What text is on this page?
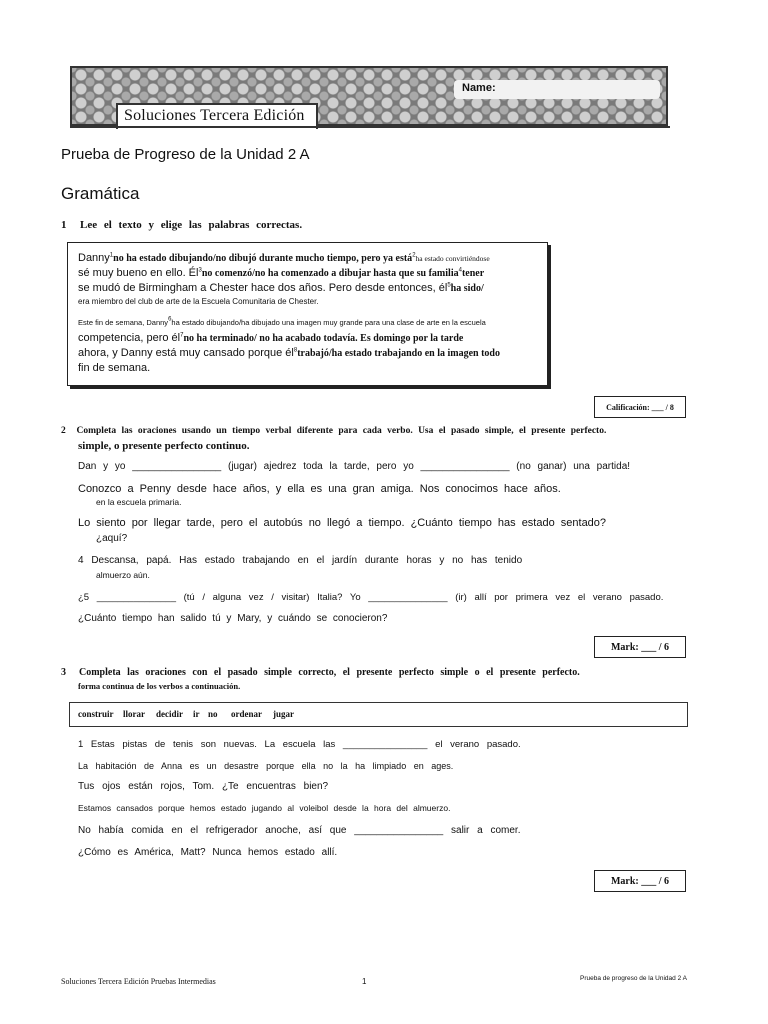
Name:
Soluciones Tercera Edición
Prueba de Progreso de la Unidad 2 A
Gramática
1 Lee el texto y elige las palabras correctas.
Danny$^1$no ha estado dibujando/no dibujó durante mucho tiempo, pero ya está$^2$ha estado convirtiéndose
sé muy bueno en ello. $Él^3no$ comenzó/no ha comenzado a dibujar hasta que su familia$^4$tener
se mudó de Birmingham a Chester hace dos años. Pero desde entonces, $él^5ha$ sido/
era miembro del club de arte de la Escuela Comunitaria de Chester.
Este fin de semana, Danny$^6$ha estado dibujando/ha dibujado una imagen muy grande para una clase de arte en la escuela
competencia, pero $él^7no$ ha terminado/ no ha acabado todavía. Es domingo por la tarde
ahora, y Danny está muy cansado porque $él^8trabajó/ha$ estado trabajando en la imagen todo
fin de semana.
Calificación: ___ / 8
2 Completa las oraciones usando un tiempo verbal diferente para cada verbo. Usa el pasado simple, el presente perfecto.
simple, o presente perfecto continuo.
Dan y yo ________________ (jugar) ajedrez toda la tarde, pero yo ________________ (no ganar) una partida!
Conozco a Penny desde hace años, y ella es una gran amiga. Nos conocimos hace años.
en la escuela primaria.
Lo siento por llegar tarde, pero el autobús no llegó a tiempo. ¿Cuánto tiempo has estado sentado?
¿aquí?
4 Descansa, papá. Has estado trabajando en el jardín durante horas y no has tenido
almuerzo aún.
¿5 _______________ (tú / alguna vez / visitar) Italia? Yo _______________ (ir) allí por primera vez el verano pasado.
¿Cuánto tiempo han salido tú y Mary, y cuándo se conocieron?
Mark: ___ / 6
3 Completa las oraciones con el pasado simple correcto, el presente perfecto simple o el presente perfecto.
forma continua de los verbos a continuación.
construir llorar decidir ir no ordenar jugar
1 Estas pistas de tenis son nuevas. La escuela las ________________ el verano pasado.
La habitación de Anna es un desastre porque ella no la ha limpiado en ages.
Tus ojos están rojos, Tom. ¿Te encuentras bien?
Estamos cansados porque hemos estado jugando al voleibol desde la hora del almuerzo.
No había comida en el refrigerador anoche, así que ________________ salir a comer.
¿Cómo es América, Matt? Nunca hemos estado allí.
Mark: ___ / 6
Soluciones Tercera Edición Pruebas Intermedias	1	Prueba de progreso de la Unidad 2 A
